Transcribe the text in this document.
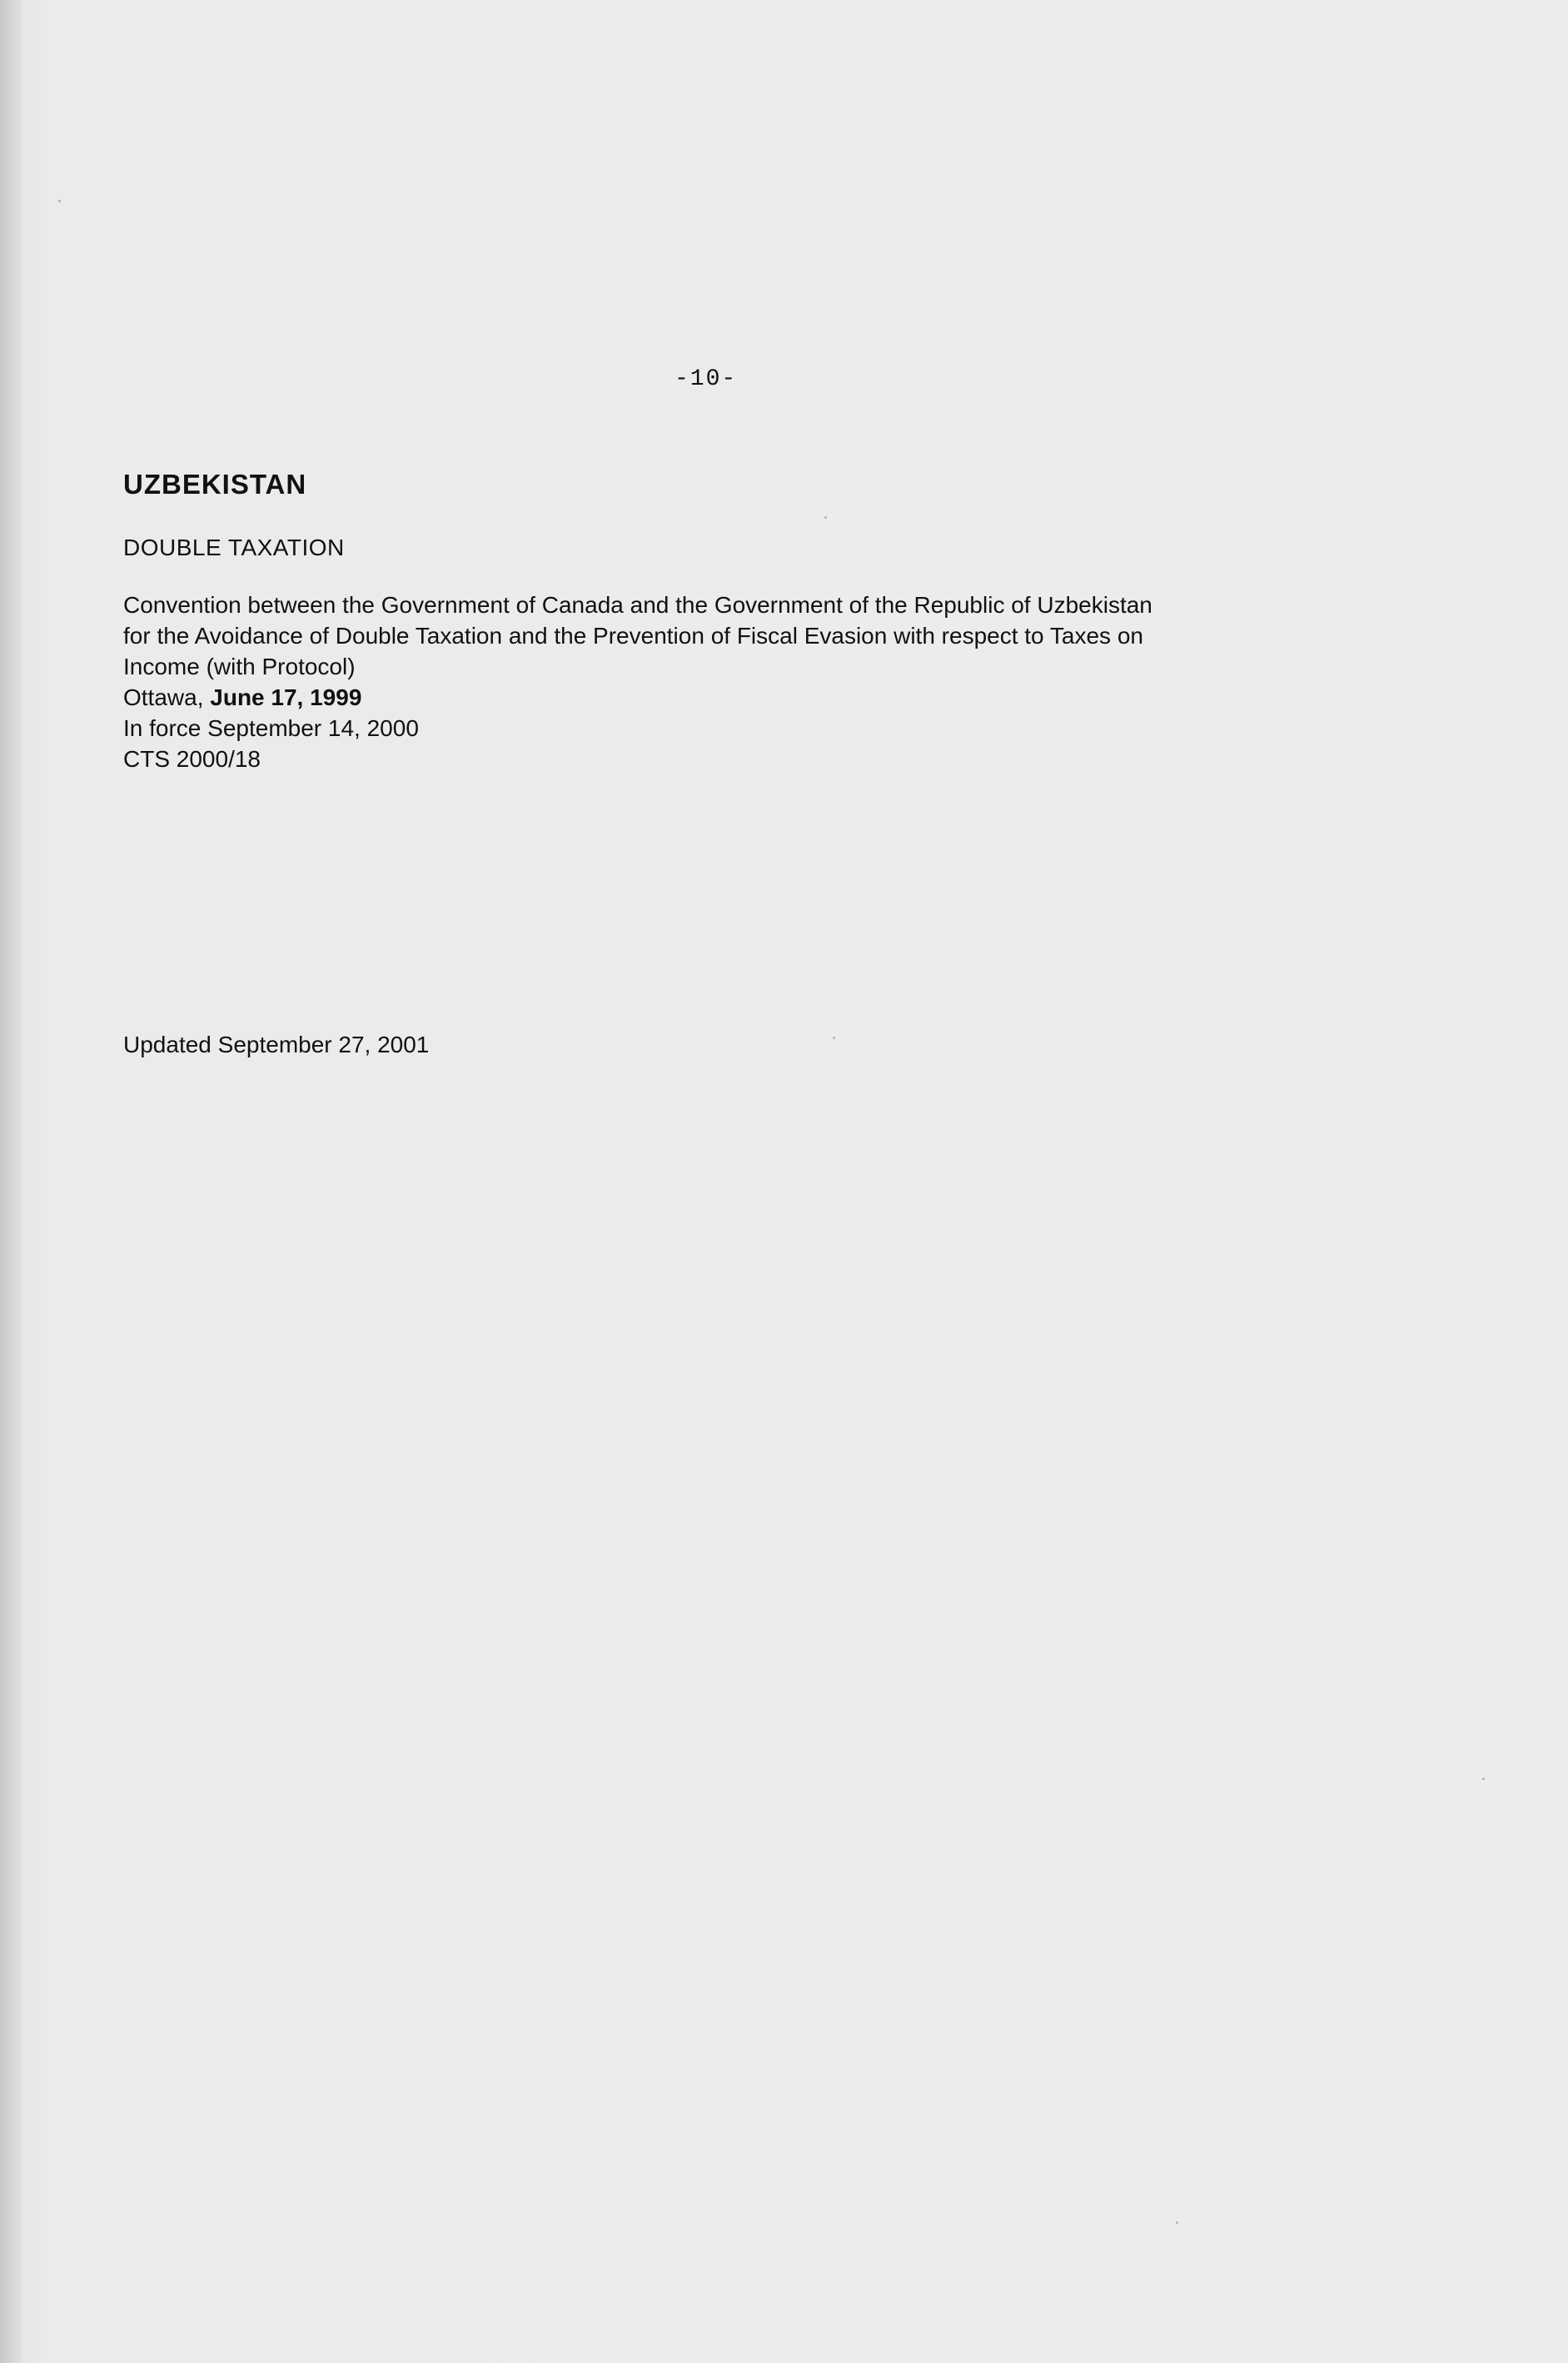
-10-
UZBEKISTAN
DOUBLE TAXATION
Convention between the Government of Canada and the Government of the Republic of Uzbekistan
for the Avoidance of Double Taxation and the Prevention of Fiscal Evasion with respect to Taxes on
Income (with Protocol)
Ottawa, June 17, 1999
In force September 14, 2000
CTS 2000/18
Updated September 27, 2001
